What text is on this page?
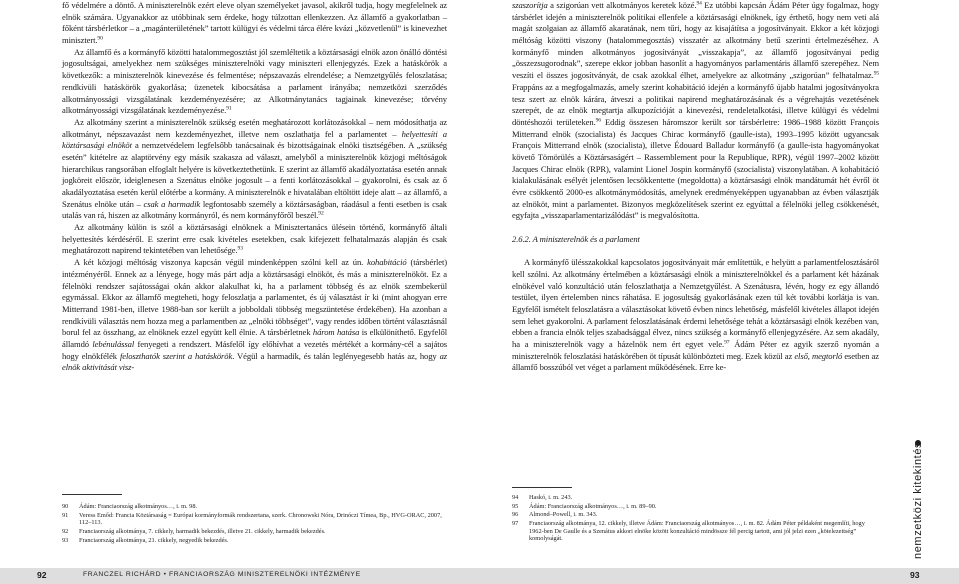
fő védelmére a döntő. A miniszterelnök ezért eleve olyan személyeket javasol, akikről tudja, hogy megfelelnek az elnök számára. Ugyanakkor az utóbbinak sem érdeke, hogy túlzottan ellenkezzen. Az államfő a gyakorlatban – főként társbérletkor – a „magánterületének” tartott külügyi és védelmi tárca élére kvázi „közvetlenül” is kinevezhet minisztert.$^{90}$

Az államfő és a kormányfő közötti hatalommegosztást jól szemléltetik a köztársasági elnök azon önálló döntési jogosultságai, amelyekhez nem szükséges miniszterelnöki vagy miniszteri ellenjegyzés. Ezek a hatáskörök a következők: a miniszterelnök kinevezése és felmentése; népszavazás elrendelése; a Nemzetgyűlés feloszlatása; rendkívüli hatáskörök gyakorlása; üzenetek kibocsátása a parlament irányába; nemzetközi szerződés alkotmányossági vizsgálatának kezdeményezésére; az Alkotmánytanács tagjainak kinevezése; törvény alkotmányossági vizsgálatának kezdeményezése.$^{91}$

Az alkotmány szerint a miniszterelnök szükség esetén meghatározott korlátozásokkal – nem módosíthatja az alkotmányt, népszavazást nem kezdeményezhet, illetve nem oszlathatja fel a parlamentet – helyettesíti a köztársasági elnököt a nemzetvédelem legfelsőbb tanácsainak és bizottságainak elnöki tisztségében. A „szükség esetén” kitételre az alaptörvény egy másik szakasza ad választ, amelyből a miniszterelnök közjogi méltóságok hierarchikus rangsorában elfoglalt helyére is következtethetünk. E szerint az államfő akadályoztatása esetén annak jogköreit először, ideiglenesen a Szenátus elnöke jogosult – a fenti korlátozásokkal – gyakorolni, és csak az ő akadályoztatása esetén kerül előtérbe a kormány. A miniszterelnök e hivatalában eltöltött ideje alatt – az államfő, a Szenátus elnöke után – csak a harmadik legfontosabb személy a köztársaságban, ráadásul a fenti esetben is csak utalás van rá, hiszen az alkotmány kormányról, és nem kormányfőről beszél.$^{92}$

Az alkotmány külön is szól a köztársasági elnöknek a Minisztertanács ülésein történő, kormányfő általi helyettesítés kérdéséről. E szerint erre csak kivételes esetekben, csak kifejezett felhatalmazás alapján és csak meghatározott napirend tekintetében van lehetősége.$^{93}$

A két közjogi méltóság viszonya kapcsán végül mindenképpen szólni kell az ún. kohabitáció (társbérlet) intézményéről. Ennek az a lényege, hogy más párt adja a köztársasági elnököt, és más a miniszterelnököt. Ez a félelnöki rendszer sajátosságai okán akkor alakulhat ki, ha a parlament többség és az elnök szembekerül egymással. Ekkor az államfő megteheti, hogy feloszlatja a parlamentet, és új választást ír ki (mint ahogyan erre Mitterrand 1981-ben, illetve 1988-ban sor került a jobboldali többség megszüntetése érdekében). Ha azonban a rendkívüli választás nem hozza meg a parlamentben az „elnöki többséget”, vagy rendes időben történt választásnál borul fel az összhang, az elnöknek ezzel együtt kell élnie. A társbérletnek három hatása is elkülöníthető. Egyfelől államdó lebénulással fenyegeti a rendszert. Másfelől így előhívhat a vezetés mértékét a kormány-cél a sajátos hogy elnökfélék feloszthatók szerint a hatáskörök. Végül a harmadik, és talán leglényegesebb hatás az, hogy az elnök aktivitását visz-

90	Ádám: Franciaország alkotmányos…, i. m. 98.
91	Veress Emőd: Francia Köztársaság = Európai kormányformák rendszertana, szerk. Chronowski Nóra, Drinóczi Tímea, Bp., HVG-ORAC, 2007, 112–113.
92	Franciaország alkotmánya, 7. cikkely, harmadik bekezdés, illetve 21. cikkely, harmadik bekezdés.
93	Franciaország alkotmánya, 21. cikkely, negyedik bekezdés.

szaszorítja a szigorúan vett alkotmányos keretek közé.$^{94}$ Ez utóbbi kapcsán Ádám Péter úgy fogalmaz, hogy társbérlet idején a miniszterelnök politikai ellenfele a köztársasági elnöknek, így érthető, hogy nem veti alá magát szolgaian az államfő akaratának, nem tűri, hogy az kisajátítsa a jogosítványait. Ekkor a két közjogi méltóság közötti viszony (hatalommegosztás) visszatér az alkotmány betű szerinti értelmezéséhez. A kormányfő minden alkotmányos jogosítványát „visszakapja”, az államfő jogosítványai pedig „összezsugorodnak”, szerepe ekkor jobban hasonlít a hagyományos parlamentáris államfő szerepéhez. Nem veszíti el összes jogosítványát, de csak azokkal élhet, amelyekre az alkotmány „szigorúan” felhatalmaz.$^{95}$ Frappáns az a megfogalmazás, amely szerint kohabitáció idején a kormányfő újabb hatalmi jogosítványokra tesz szert az elnök kárára, átveszi a politikai napirend meghatározásának és a végrehajtás vezetésének szerepét, de az elnök megtartja alkupozícióját a kinevezési, rendeletalkotási, illetve külügyi és védelmi döntéshozói területeken.$^{96}$ Eddig összesen háromszor került sor társbérletre: 1986–1988 között François Mitterrand elnök (szocialista) és Jacques Chirac kormányfő (gaulle-ista), 1993–1995 között ugyancsak François Mitterrand elnök (szocialista), illetve Édouard Balladur kormányfő (a gaulle-ista hagyományokat követő Tömörülés a Köztársaságért – Rassemblement pour la Republique, RPR), végül 1997–2002 között Jacques Chirac elnök (RPR), valamint Lionel Jospin kormányfő (szocialista) viszonylatában. A kohabitáció kialakulásának esélyét jelentősen lecsökkentette (megoldotta) a köztársasági elnök mandátumát hét évről öt évre csökkentő 2000-es alkotmánymódosítás, amelynek eredményeképpen ugyanabban az évben választják az elnököt, mint a parlamentet. Bizonyos megközelítések szerint ez egyúttal a félelnöki jelleg csökkenését, egyfajta „visszaparlamentarizálódást” is megvalósította.

2.6.2. A miniszterelnök és a parlament

A kormányfő ülésszakokkal kapcsolatos jogosítványait már említettük, e helyütt a parlamentfelosztásáról kell szólni. Az alkotmány értelmében a köztársasági elnök a miniszterelnökkel és a parlament két házának elnökével való konzultáció után feloszlathatja a Nemzetgyűlést. A Szenátusra, lévén, hogy ez egy állandó testület, ilyen értelemben nincs ráhatása. E jogosultság gyakorlásának ezen túl két további korlátja is van. Egyfelől ismételt feloszlatásra a választásokat követő évben nincs lehetőség, másfelől kivételes állapot idején sem lehet gyakorolni. A parlament feloszlatásának érdemi lehetősége tehát a köztársasági elnök kezében van, ebben a francia elnök teljes szabadsággal élvez, nincs szükség a kormányfő ellenjegyzésére. Az sem akadály, ha a miniszterelnök vagy a házelnök nem ért egyet vele.$^{97}$ Ádám Péter ez agyik szerző nyomán a miniszterelnök feloszlatási hatáskörében öt típusát különbözteti meg. Ezek közül az első, megtorló esetben az államfő bosszúból vet véget a parlament működésének. Erre ke-

94	Haskó, i. m. 243.
95	Ádám: Franciaország alkotmányos…, i. m. 89–90.
96	Almond–Powell, i. m. 343.
97	Franciaország alkotmánya, 12. cikkely, illetve Ádám: Franciaország alkotmányos…, i. m. 82. Ádám Péter példaként megemlíti, hogy 1962-ben De Gaulle és a Szenátus akkori elnöke között konzultáció mindössze fél percig tartott, ami jól jelzi ezen „kötelezettség” komolyságát.	nemzetközi kitekintés
92	FRANCZEL RICHÁRD • FRANCIAORSZÁG MINISZTERELNÖKI INTÉZMÉNYE	93
